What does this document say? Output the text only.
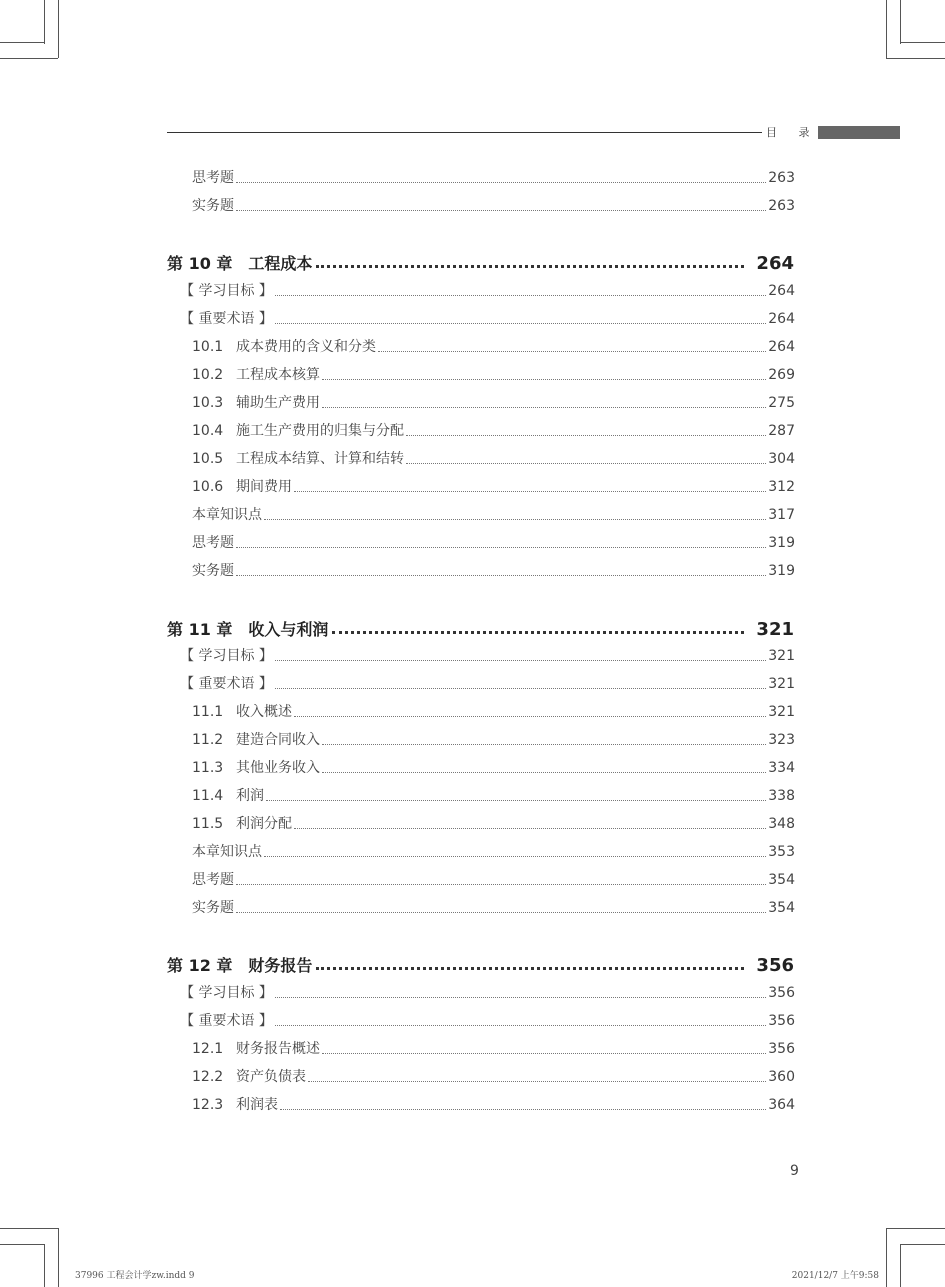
目 录
思考题	263
实务题	263
第 10 章 工程成本	264
【 学习目标 】	264
【 重要术语 】	264
10.1 成本费用的含义和分类	264
10.2 工程成本核算	269
10.3 辅助生产费用	275
10.4 施工生产费用的归集与分配	287
10.5 工程成本结算、计算和结转	304
10.6 期间费用	312
本章知识点	317
思考题	319
实务题	319
第 11 章 收入与利润	321
【 学习目标 】	321
【 重要术语 】	321
11.1 收入概述	321
11.2 建造合同收入	323
11.3 其他业务收入	334
11.4 利润	338
11.5 利润分配	348
本章知识点	353
思考题	354
实务题	354
第 12 章 财务报告	356
【 学习目标 】	356
【 重要术语 】	356
12.1 财务报告概述	356
12.2 资产负债表	360
12.3 利润表	364
9
37996 工程会计学zw.indd 9	2021/12/7 上午9:58
